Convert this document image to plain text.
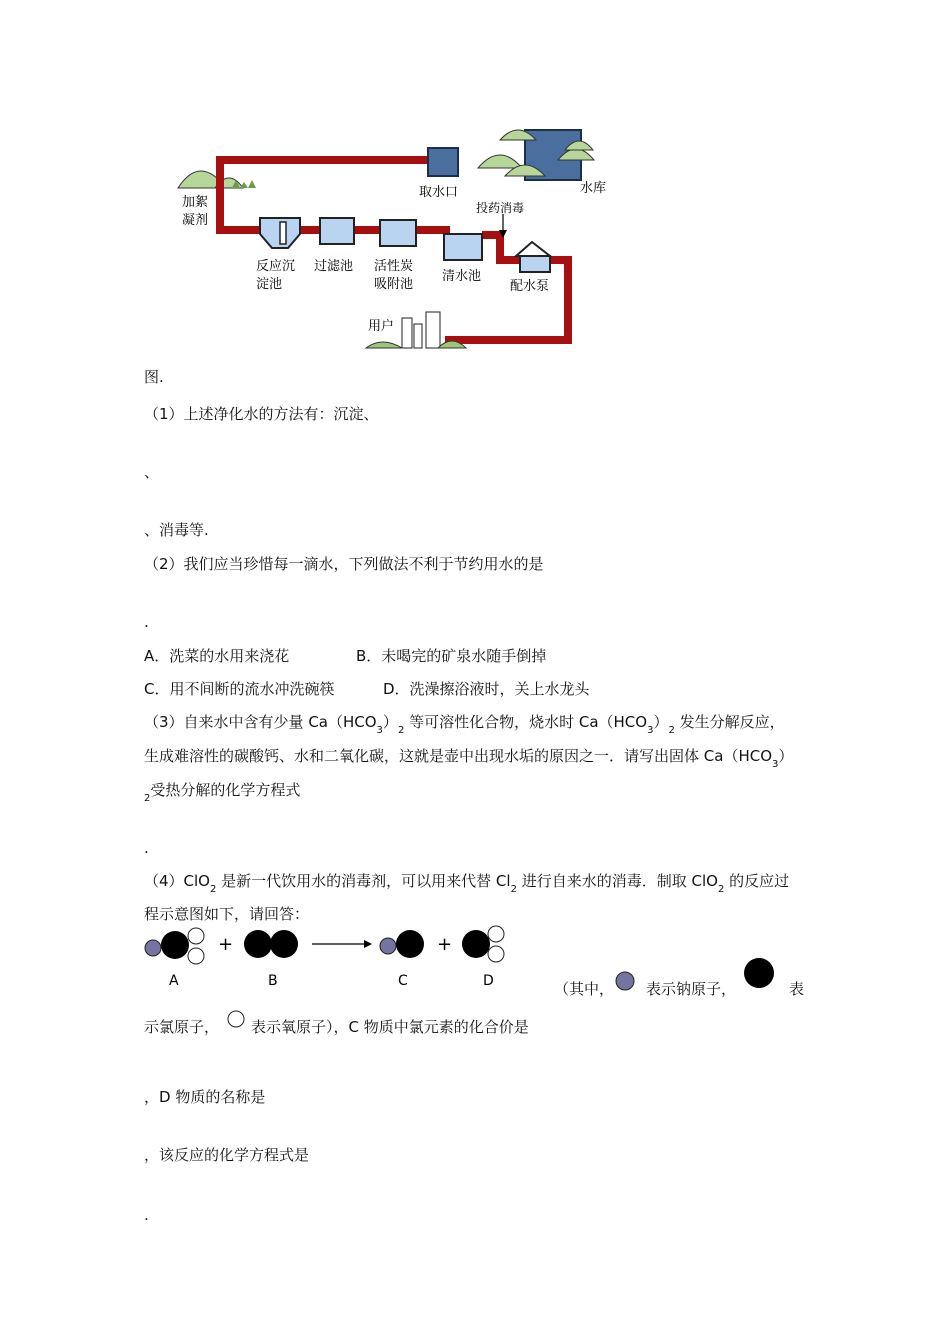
加絮
凝剂
取水口	水库
投药消毒
反应沉
淀池
过滤池 活性炭
吸附池
清水池
配水泵
用户
图.
（1）上述净化水的方法有：沉淀、
、
、消毒等.
（2）我们应当珍惜每一滴水，下列做法不利于节约用水的是
.
A．洗菜的水用来浇花	B．未喝完的矿泉水随手倒掉
C．用不间断的流水冲洗碗筷	D．洗澡擦浴液时，关上水龙头
（3）自来水中含有少量 $Ca(HCO_3)_2$ 等可溶性化合物，烧水时 $Ca(HCO_3)_2$ 发生分解反应，
生成难溶性的碳酸钙、水和二氧化碳，这就是壶中出现水垢的原因之一．请写出固体 $Ca(HCO_3)$
$_2$受热分解的化学方程式
.
（4）ClO$_2$ 是新一代饮用水的消毒剂，可以用来代替 $Cl_2$ 进行自来水的消毒．制取 ClO$_2$ 的反应过
程示意图如下，请回答：
+	+
A	B	C	D	（其中， 表示钠原子，	表
示氯原子， 表示氧原子），C 物质中氯元素的化合价是
，D 物质的名称是
，该反应的化学方程式是
.
